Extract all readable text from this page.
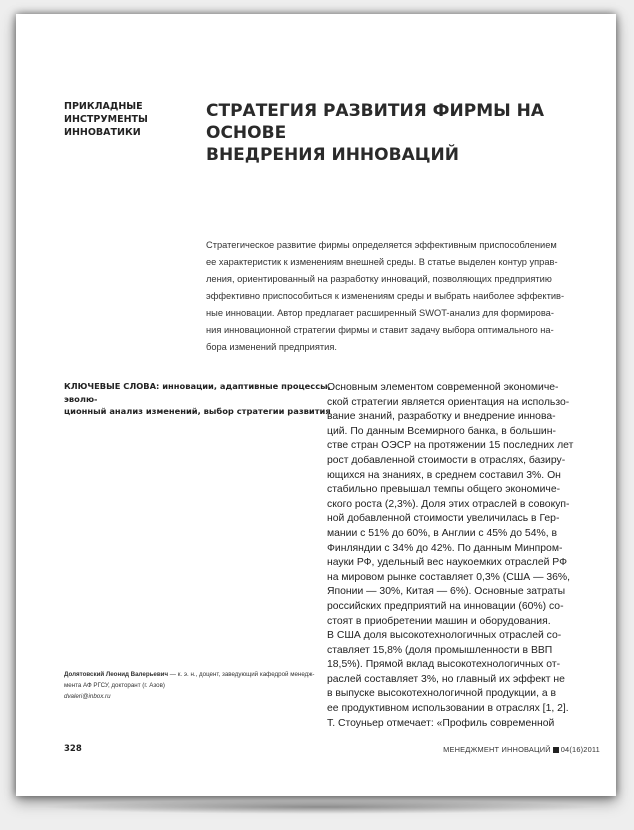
ПРИКЛАДНЫЕ
ИНСТРУМЕНТЫ
ИННОВАТИКИ
СТРАТЕГИЯ РАЗВИТИЯ ФИРМЫ НА ОСНОВЕ
ВНЕДРЕНИЯ ИННОВАЦИЙ
Стратегическое развитие фирмы определяется эффективным приспособлением
ее характеристик к изменениям внешней среды. В статье выделен контур управ-
ления, ориентированный на разработку инноваций, позволяющих предприятию
эффективно приспособиться к изменениям среды и выбрать наиболее эффектив-
ные инновации. Автор предлагает расширенный SWOT-анализ для формирова-
ния инновационной стратегии фирмы и ставит задачу выбора оптимального на-
бора изменений предприятия.
КЛЮЧЕВЫЕ СЛОВА: инновации, адаптивные процессы, эволю-
ционный анализ изменений, выбор стратегии развития
Основным элементом современной экономиче-
ской стратегии является ориентация на использо-
вание знаний, разработку и внедрение иннова-
ций. По данным Всемирного банка, в большин-
стве стран ОЭСР на протяжении 15 последних лет
рост добавленной стоимости в отраслях, базиру-
ющихся на знаниях, в среднем составил 3%. Он
стабильно превышал темпы общего экономиче-
ского роста (2,3%). Доля этих отраслей в совокуп-
ной добавленной стоимости увеличилась в Гер-
мании с 51% до 60%, в Англии с 45% до 54%, в
Финляндии с 34% до 42%. По данным Минпром-
науки РФ, удельный вес наукоемких отраслей РФ
на мировом рынке составляет 0,3% (США — 36%,
Японии — 30%, Китая — 6%). Основные затраты
российских предприятий на инновации (60%) со-
стоят в приобретении машин и оборудования.
В США доля высокотехнологичных отраслей со-
ставляет 15,8% (доля промышленности в ВВП
18,5%). Прямой вклад высокотехнологичных от-
раслей составляет 3%, но главный их эффект не
в выпуске высокотехнологичной продукции, а в
ее продуктивном использовании в отраслях [1, 2].
Т. Стоуньер отмечает: «Профиль современной
Долятовский Леонид Валерьевич — к. э. н., доцент, заведующий кафедрой менедж-
мента АФ РГСУ, докторант (г. Азов)
dvaleri@inbox.ru
328	МЕНЕДЖМЕНТ ИННОВАЦИЙ 04(16)2011
